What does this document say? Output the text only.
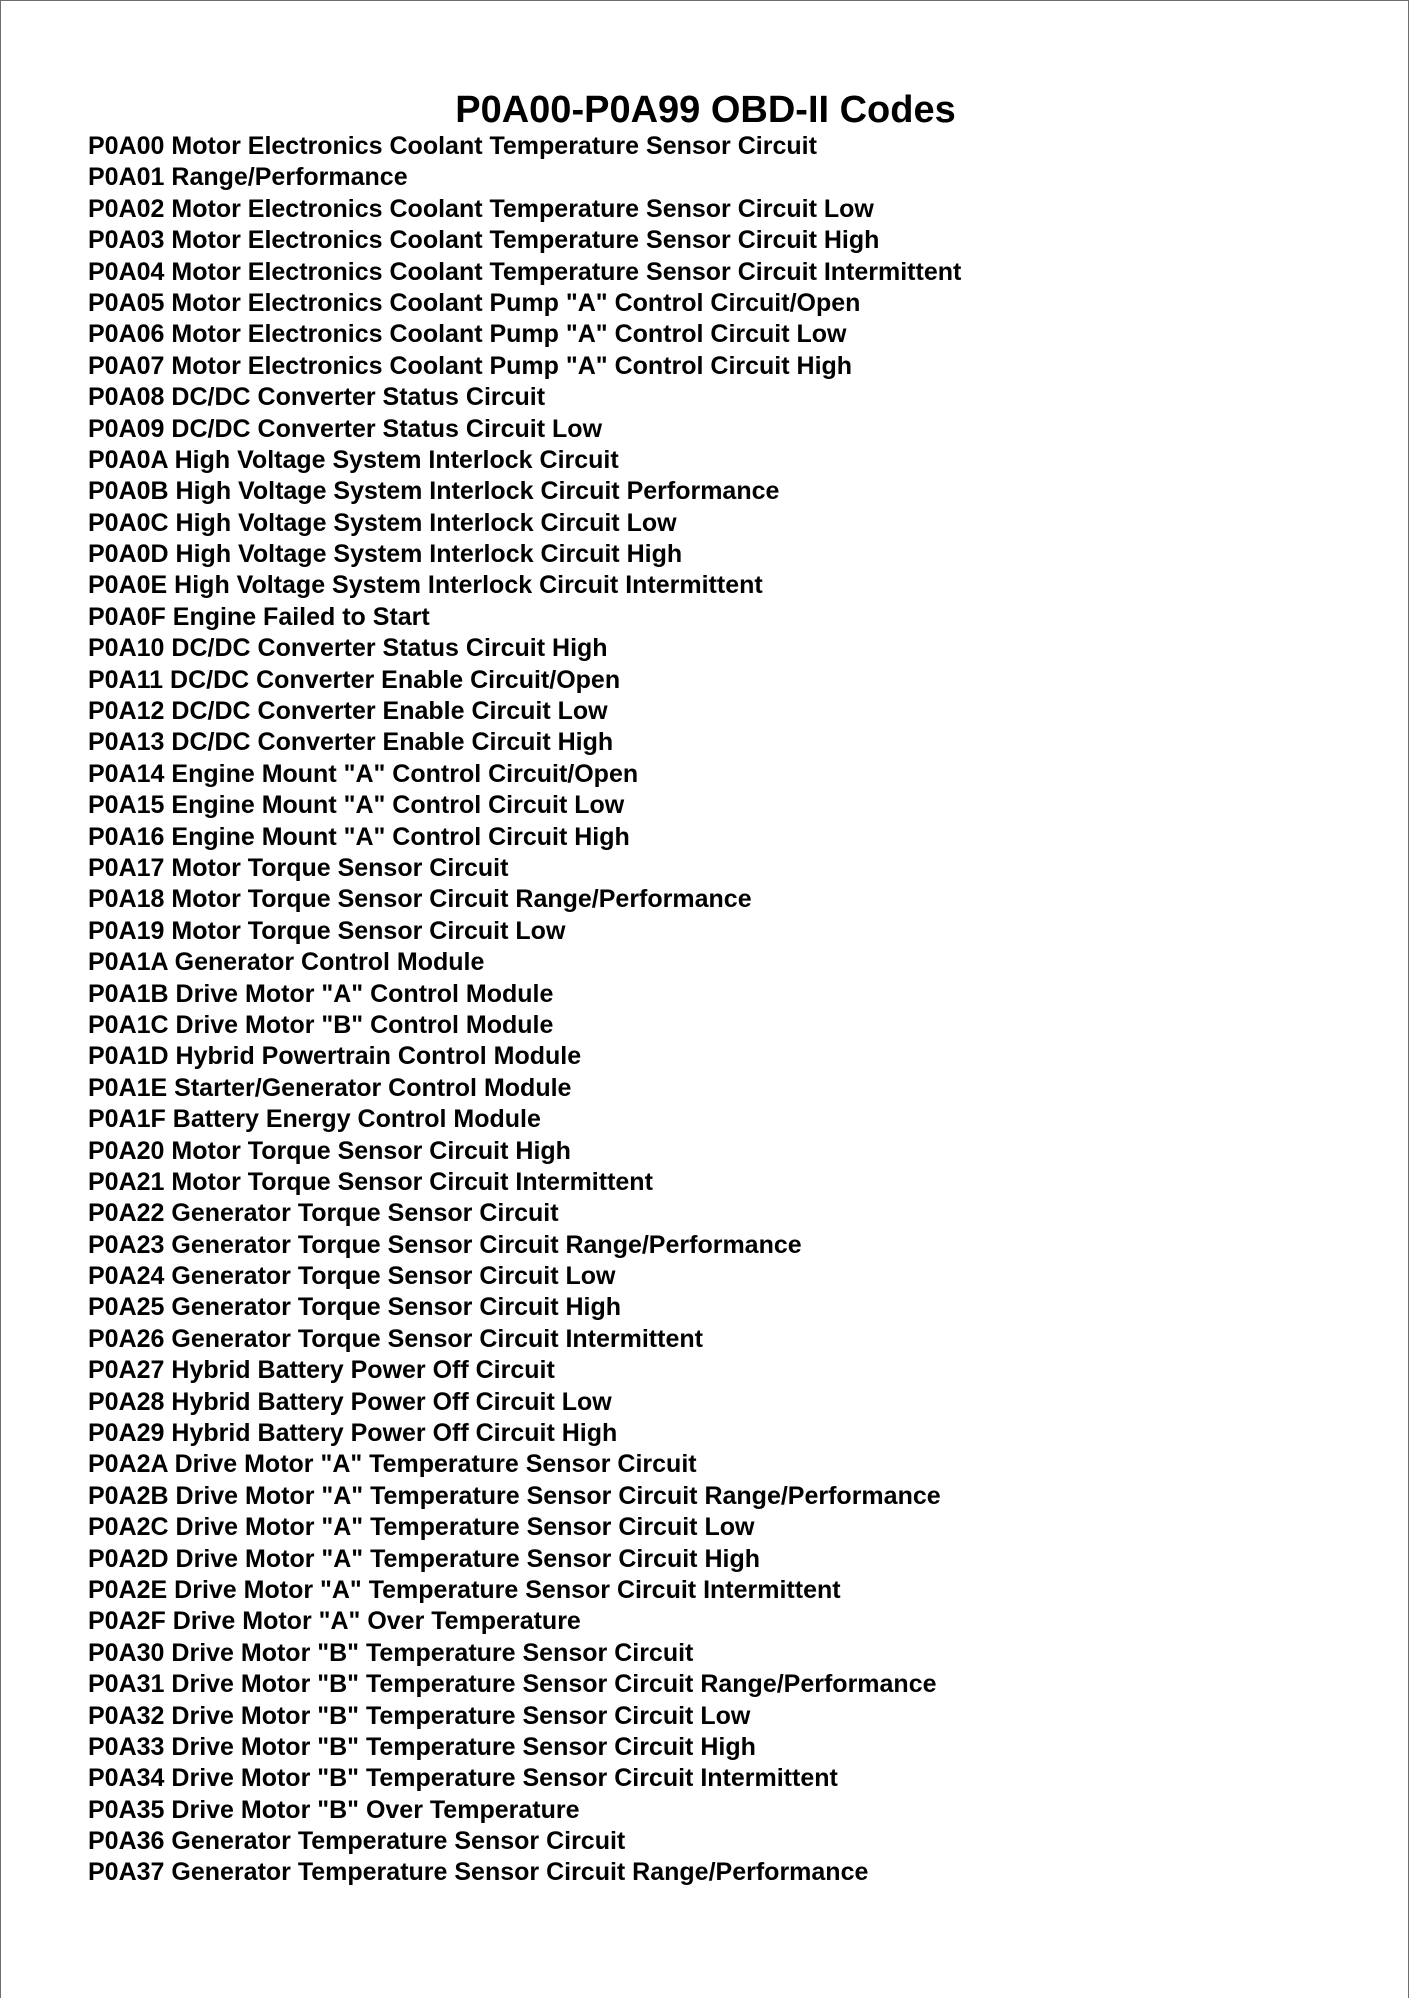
P0A00-P0A99 OBD-II Codes
P0A00 Motor Electronics Coolant Temperature Sensor Circuit
P0A01 Range/Performance
P0A02 Motor Electronics Coolant Temperature Sensor Circuit Low
P0A03 Motor Electronics Coolant Temperature Sensor Circuit High
P0A04 Motor Electronics Coolant Temperature Sensor Circuit Intermittent
P0A05 Motor Electronics Coolant Pump "A" Control Circuit/Open
P0A06 Motor Electronics Coolant Pump "A" Control Circuit Low
P0A07 Motor Electronics Coolant Pump "A" Control Circuit High
P0A08 DC/DC Converter Status Circuit
P0A09 DC/DC Converter Status Circuit Low
P0A0A High Voltage System Interlock Circuit
P0A0B High Voltage System Interlock Circuit Performance
P0A0C High Voltage System Interlock Circuit Low
P0A0D High Voltage System Interlock Circuit High
P0A0E High Voltage System Interlock Circuit Intermittent
P0A0F Engine Failed to Start
P0A10 DC/DC Converter Status Circuit High
P0A11 DC/DC Converter Enable Circuit/Open
P0A12 DC/DC Converter Enable Circuit Low
P0A13 DC/DC Converter Enable Circuit High
P0A14 Engine Mount "A" Control Circuit/Open
P0A15 Engine Mount "A" Control Circuit Low
P0A16 Engine Mount "A" Control Circuit High
P0A17 Motor Torque Sensor Circuit
P0A18 Motor Torque Sensor Circuit Range/Performance
P0A19 Motor Torque Sensor Circuit Low
P0A1A Generator Control Module
P0A1B Drive Motor "A" Control Module
P0A1C Drive Motor "B" Control Module
P0A1D Hybrid Powertrain Control Module
P0A1E Starter/Generator Control Module
P0A1F Battery Energy Control Module
P0A20 Motor Torque Sensor Circuit High
P0A21 Motor Torque Sensor Circuit Intermittent
P0A22 Generator Torque Sensor Circuit
P0A23 Generator Torque Sensor Circuit Range/Performance
P0A24 Generator Torque Sensor Circuit Low
P0A25 Generator Torque Sensor Circuit High
P0A26 Generator Torque Sensor Circuit Intermittent
P0A27 Hybrid Battery Power Off Circuit
P0A28 Hybrid Battery Power Off Circuit Low
P0A29 Hybrid Battery Power Off Circuit High
P0A2A Drive Motor "A" Temperature Sensor Circuit
P0A2B Drive Motor "A" Temperature Sensor Circuit Range/Performance
P0A2C Drive Motor "A" Temperature Sensor Circuit Low
P0A2D Drive Motor "A" Temperature Sensor Circuit High
P0A2E Drive Motor "A" Temperature Sensor Circuit Intermittent
P0A2F Drive Motor "A" Over Temperature
P0A30 Drive Motor "B" Temperature Sensor Circuit
P0A31 Drive Motor "B" Temperature Sensor Circuit Range/Performance
P0A32 Drive Motor "B" Temperature Sensor Circuit Low
P0A33 Drive Motor "B" Temperature Sensor Circuit High
P0A34 Drive Motor "B" Temperature Sensor Circuit Intermittent
P0A35 Drive Motor "B" Over Temperature
P0A36 Generator Temperature Sensor Circuit
P0A37 Generator Temperature Sensor Circuit Range/Performance
